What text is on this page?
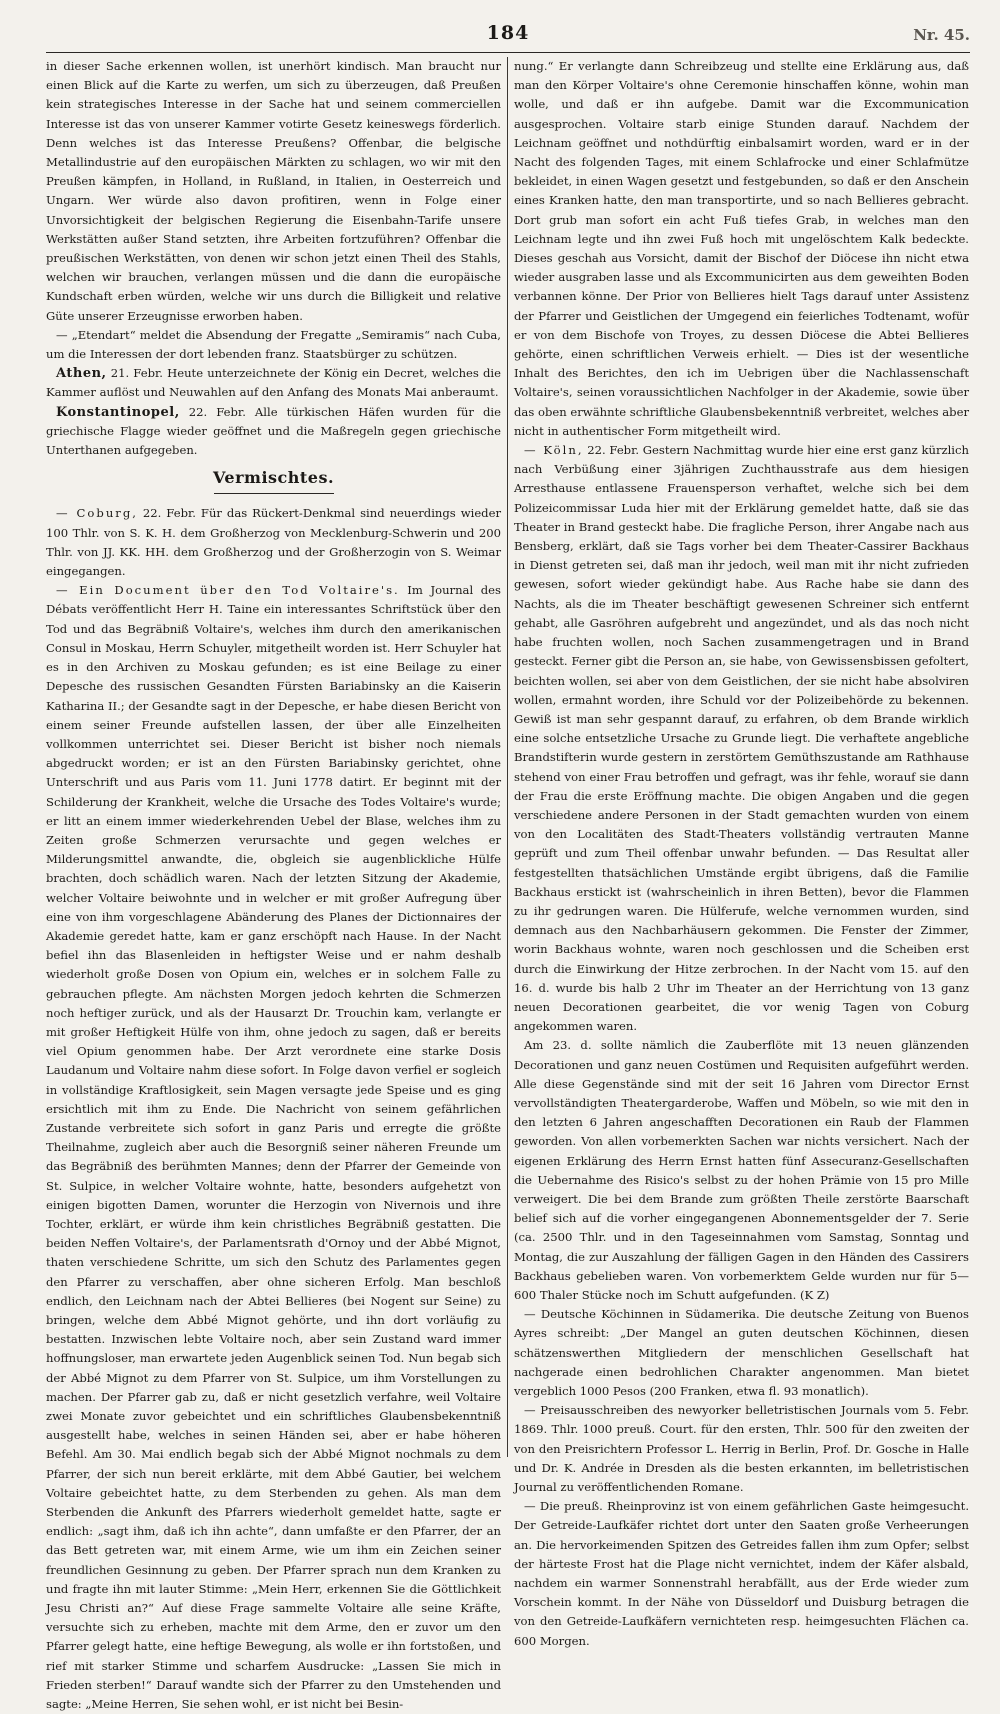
184	Nr. 45.

in dieser Sache erkennen wollen, ist unerhört kindisch. Man braucht nur einen Blick auf die Karte zu werfen, um sich zu überzeugen, daß Preußen kein strategisches Interesse in der Sache hat und seinem commerciellen Interesse ist das von unserer Kammer votirte Gesetz keineswegs förderlich. Denn welches ist das Interesse Preußens? Offenbar, die belgische Metallindustrie auf den europäischen Märkten zu schlagen, wo wir mit den Preußen kämpfen, in Holland, in Rußland, in Italien, in Oesterreich und Ungarn. Wer würde also davon profitiren, wenn in Folge einer Unvorsichtigkeit der belgischen Regierung die Eisenbahn-Tarife unsere Werkstätten außer Stand setzten, ihre Arbeiten fortzuführen? Offenbar die preußischen Werkstätten, von denen wir schon jetzt einen Theil des Stahls, welchen wir brauchen, verlangen müssen und die dann die europäische Kundschaft erben würden, welche wir uns durch die Billigkeit und relative Güte unserer Erzeugnisse erworben haben.

— „Etendart“ meldet die Absendung der Fregatte „Semiramis“ nach Cuba, um die Interessen der dort lebenden franz. Staatsbürger zu schützen.

Athen, 21. Febr. Heute unterzeichnete der König ein Decret, welches die Kammer auflöst und Neuwahlen auf den Anfang des Monats Mai anberaumt.

Konstantinopel, 22. Febr. Alle türkischen Häfen wurden für die griechische Flagge wieder geöffnet und die Maßregeln gegen griechische Unterthanen aufgegeben.

Vermischtes.

— Coburg, 22. Febr. Für das Rückert-Denkmal sind neuerdings wieder 100 Thlr. von S. K. H. dem Großherzog von Mecklenburg-Schwerin und 200 Thlr. von JJ. KK. HH. dem Großherzog und der Großherzogin von S. Weimar eingegangen.

— Ein Document über den Tod Voltaire's. Im Journal des Débats veröffentlicht Herr H. Taine ein interessantes Schriftstück über den Tod und das Begräbniß Voltaire's, welches ihm durch den amerikanischen Consul in Moskau, Herrn Schuyler, mitgetheilt worden ist. Herr Schuyler hat es in den Archiven zu Moskau gefunden; es ist eine Beilage zu einer Depesche des russischen Gesandten Fürsten Bariabinsky an die Kaiserin Katharina II.; der Gesandte sagt in der Depesche, er habe diesen Bericht von einem seiner Freunde aufstellen lassen, der über alle Einzelheiten vollkommen unterrichtet sei. Dieser Bericht ist bisher noch niemals abgedruckt worden; er ist an den Fürsten Bariabinsky gerichtet, ohne Unterschrift und aus Paris vom 11. Juni 1778 datirt. Er beginnt mit der Schilderung der Krankheit, welche die Ursache des Todes Voltaire's wurde; er litt an einem immer wiederkehrenden Uebel der Blase, welches ihm zu Zeiten große Schmerzen verursachte und gegen welches er Milderungsmittel anwandte, die, obgleich sie augenblickliche Hülfe brachten, doch schädlich waren. Nach der letzten Sitzung der Akademie, welcher Voltaire beiwohnte und in welcher er mit großer Aufregung über eine von ihm vorgeschlagene Abänderung des Planes der Dictionnaires der Akademie geredet hatte, kam er ganz erschöpft nach Hause. In der Nacht befiel ihn das Blasenleiden in heftigster Weise und er nahm deshalb wiederholt große Dosen von Opium ein, welches er in solchem Falle zu gebrauchen pflegte. Am nächsten Morgen jedoch kehrten die Schmerzen noch heftiger zurück, und als der Hausarzt Dr. Trouchin kam, verlangte er mit großer Heftigkeit Hülfe von ihm, ohne jedoch zu sagen, daß er bereits viel Opium genommen habe. Der Arzt verordnete eine starke Dosis Laudanum und Voltaire nahm diese sofort. In Folge davon verfiel er sogleich in vollständige Kraftlosigkeit, sein Magen versagte jede Speise und es ging ersichtlich mit ihm zu Ende. Die Nachricht von seinem gefährlichen Zustande verbreitete sich sofort in ganz Paris und erregte die größte Theilnahme, zugleich aber auch die Besorgniß seiner näheren Freunde um das Begräbniß des berühmten Mannes; denn der Pfarrer der Gemeinde von St. Sulpice, in welcher Voltaire wohnte, hatte, besonders aufgehetzt von einigen bigotten Damen, worunter die Herzogin von Nivernois und ihre Tochter, erklärt, er würde ihm kein christliches Begräbniß gestatten. Die beiden Neffen Voltaire's, der Parlamentsrath d'Ornoy und der Abbé Mignot, thaten verschiedene Schritte, um sich den Schutz des Parlamentes gegen den Pfarrer zu verschaffen, aber ohne sicheren Erfolg. Man beschloß endlich, den Leichnam nach der Abtei Bellieres (bei Nogent sur Seine) zu bringen, welche dem Abbé Mignot gehörte, und ihn dort vorläufig zu bestatten. Inzwischen lebte Voltaire noch, aber sein Zustand ward immer hoffnungsloser, man erwartete jeden Augenblick seinen Tod. Nun begab sich der Abbé Mignot zu dem Pfarrer von St. Sulpice, um ihm Vorstellungen zu machen. Der Pfarrer gab zu, daß er nicht gesetzlich verfahre, weil Voltaire zwei Monate zuvor gebeichtet und ein schriftliches Glaubensbekenntniß ausgestellt habe, welches in seinen Händen sei, aber er habe höheren Befehl. Am 30. Mai endlich begab sich der Abbé Mignot nochmals zu dem Pfarrer, der sich nun bereit erklärte, mit dem Abbé Gautier, bei welchem Voltaire gebeichtet hatte, zu dem Sterbenden zu gehen. Als man dem Sterbenden die Ankunft des Pfarrers wiederholt gemeldet hatte, sagte er endlich: „sagt ihm, daß ich ihn achte“, dann umfaßte er den Pfarrer, der an das Bett getreten war, mit einem Arme, wie um ihm ein Zeichen seiner freundlichen Gesinnung zu geben. Der Pfarrer sprach nun dem Kranken zu und fragte ihn mit lauter Stimme: „Mein Herr, erkennen Sie die Göttlichkeit Jesu Christi an?“ Auf diese Frage sammelte Voltaire alle seine Kräfte, versuchte sich zu erheben, machte mit dem Arme, den er zuvor um den Pfarrer gelegt hatte, eine heftige Bewegung, als wolle er ihn fortstoßen, und rief mit starker Stimme und scharfem Ausdrucke: „Lassen Sie mich in Frieden sterben!“ Darauf wandte sich der Pfarrer zu den Umstehenden und sagte: „Meine Herren, Sie sehen wohl, er ist nicht bei Besin-

nung.“ Er verlangte dann Schreibzeug und stellte eine Erklärung aus, daß man den Körper Voltaire's ohne Ceremonie hinschaffen könne, wohin man wolle, und daß er ihn aufgebe. Damit war die Excommunication ausgesprochen. Voltaire starb einige Stunden darauf. Nachdem der Leichnam geöffnet und nothdürftig einbalsamirt worden, ward er in der Nacht des folgenden Tages, mit einem Schlafrocke und einer Schlafmütze bekleidet, in einen Wagen gesetzt und festgebunden, so daß er den Anschein eines Kranken hatte, den man transportirte, und so nach Bellieres gebracht. Dort grub man sofort ein acht Fuß tiefes Grab, in welches man den Leichnam legte und ihn zwei Fuß hoch mit ungelöschtem Kalk bedeckte. Dieses geschah aus Vorsicht, damit der Bischof der Diöcese ihn nicht etwa wieder ausgraben lasse und als Excommunicirten aus dem geweihten Boden verbannen könne. Der Prior von Bellieres hielt Tags darauf unter Assistenz der Pfarrer und Geistlichen der Umgegend ein feierliches Todtenamt, wofür er von dem Bischofe von Troyes, zu dessen Diöcese die Abtei Bellieres gehörte, einen schriftlichen Verweis erhielt. — Dies ist der wesentliche Inhalt des Berichtes, den ich im Uebrigen über die Nachlassenschaft Voltaire's, seinen voraussichtlichen Nachfolger in der Akademie, sowie über das oben erwähnte schriftliche Glaubensbekenntniß verbreitet, welches aber nicht in authentischer Form mitgetheilt wird.

— Köln, 22. Febr. Gestern Nachmittag wurde hier eine erst ganz kürzlich nach Verbüßung einer 3jährigen Zuchthausstrafe aus dem hiesigen Arresthause entlassene Frauensperson verhaftet, welche sich bei dem Polizeicommissar Luda hier mit der Erklärung gemeldet hatte, daß sie das Theater in Brand gesteckt habe. Die fragliche Person, ihrer Angabe nach aus Bensberg, erklärt, daß sie Tags vorher bei dem Theater-Cassirer Backhaus in Dienst getreten sei, daß man ihr jedoch, weil man mit ihr nicht zufrieden gewesen, sofort wieder gekündigt habe. Aus Rache habe sie dann des Nachts, als die im Theater beschäftigt gewesenen Schreiner sich entfernt gehabt, alle Gasröhren aufgebreht und angezündet, und als das noch nicht habe fruchten wollen, noch Sachen zusammengetragen und in Brand gesteckt. Ferner gibt die Person an, sie habe, von Gewissensbissen gefoltert, beichten wollen, sei aber von dem Geistlichen, der sie nicht habe absolviren wollen, ermahnt worden, ihre Schuld vor der Polizeibehörde zu bekennen. Gewiß ist man sehr gespannt darauf, zu erfahren, ob dem Brande wirklich eine solche entsetzliche Ursache zu Grunde liegt. Die verhaftete angebliche Brandstifterin wurde gestern in zerstörtem Gemüthszustande am Rathhause stehend von einer Frau betroffen und gefragt, was ihr fehle, worauf sie dann der Frau die erste Eröffnung machte. Die obigen Angaben und die gegen verschiedene andere Personen in der Stadt gemachten wurden von einem von den Localitäten des Stadt-Theaters vollständig vertrauten Manne geprüft und zum Theil offenbar unwahr befunden. — Das Resultat aller festgestellten thatsächlichen Umstände ergibt übrigens, daß die Familie Backhaus erstickt ist (wahrscheinlich in ihren Betten), bevor die Flammen zu ihr gedrungen waren. Die Hülferufe, welche vernommen wurden, sind demnach aus den Nachbarhäusern gekommen. Die Fenster der Zimmer, worin Backhaus wohnte, waren noch geschlossen und die Scheiben erst durch die Einwirkung der Hitze zerbrochen. In der Nacht vom 15. auf den 16. d. wurde bis halb 2 Uhr im Theater an der Herrichtung von 13 ganz neuen Decorationen gearbeitet, die vor wenig Tagen von Coburg angekommen waren.

Am 23. d. sollte nämlich die Zauberflöte mit 13 neuen glänzenden Decorationen und ganz neuen Costümen und Requisiten aufgeführt werden. Alle diese Gegenstände sind mit der seit 16 Jahren vom Director Ernst vervollständigten Theatergarderobe, Waffen und Möbeln, so wie mit den in den letzten 6 Jahren angeschafften Decorationen ein Raub der Flammen geworden. Von allen vorbemerkten Sachen war nichts versichert. Nach der eigenen Erklärung des Herrn Ernst hatten fünf Assecuranz-Gesellschaften die Uebernahme des Risico's selbst zu der hohen Prämie von 15 pro Mille verweigert. Die bei dem Brande zum größten Theile zerstörte Baarschaft belief sich auf die vorher eingegangenen Abonnementsgelder der 7. Serie (ca. 2500 Thlr. und in den Tageseinnahmen vom Samstag, Sonntag und Montag, die zur Auszahlung der fälligen Gagen in den Händen des Cassirers Backhaus gebelieben waren. Von vorbemerktem Gelde wurden nur für 5—600 Thaler Stücke noch im Schutt aufgefunden. (K Z)

— Deutsche Köchinnen in Südamerika. Die deutsche Zeitung von Buenos Ayres schreibt: „Der Mangel an guten deutschen Köchinnen, diesen schätzenswerthen Mitgliedern der menschlichen Gesellschaft hat nachgerade einen bedrohlichen Charakter angenommen. Man bietet vergeblich 1000 Pesos (200 Franken, etwa fl. 93 monatlich).

— Preisausschreiben des newyorker belletristischen Journals vom 5. Febr. 1869. Thlr. 1000 preuß. Court. für den ersten, Thlr. 500 für den zweiten der von den Preisrichtern Professor L. Herrig in Berlin, Prof. Dr. Gosche in Halle und Dr. K. Andrée in Dresden als die besten erkannten, im belletristischen Journal zu veröffentlichenden Romane.

— Die preuß. Rheinprovinz ist von einem gefährlichen Gaste heimgesucht. Der Getreide-Laufkäfer richtet dort unter den Saaten große Verheerungen an. Die hervorkeimenden Spitzen des Getreides fallen ihm zum Opfer; selbst der härteste Frost hat die Plage nicht vernichtet, indem der Käfer alsbald, nachdem ein warmer Sonnenstrahl herabfällt, aus der Erde wieder zum Vorschein kommt. In der Nähe von Düsseldorf und Duisburg betragen die von den Getreide-Laufkäfern vernichteten resp. heimgesuchten Flächen ca. 600 Morgen.
